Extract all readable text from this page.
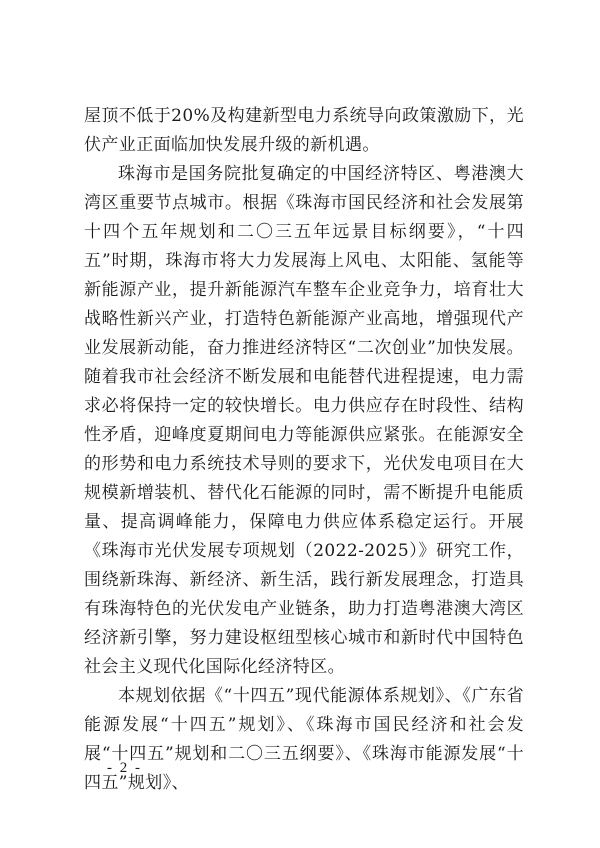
屋顶不低于20%及构建新型电力系统导向政策激励下，光伏产业正面临加快发展升级的新机遇。

珠海市是国务院批复确定的中国经济特区、粤港澳大湾区重要节点城市。根据《珠海市国民经济和社会发展第十四个五年规划和二〇三五年远景目标纲要》，“十四五”时期，珠海市将大力发展海上风电、太阳能、氢能等新能源产业，提升新能源汽车整车企业竞争力，培育壮大战略性新兴产业，打造特色新能源产业高地，增强现代产业发展新动能，奋力推进经济特区“二次创业”加快发展。随着我市社会经济不断发展和电能替代进程提速，电力需求必将保持一定的较快增长。电力供应存在时段性、结构性矛盾，迎峰度夏期间电力等能源供应紧张。在能源安全的形势和电力系统技术导则的要求下，光伏发电项目在大规模新增装机、替代化石能源的同时，需不断提升电能质量、提高调峰能力，保障电力供应体系稳定运行。开展《珠海市光伏发展专项规划（2022-2025）》研究工作，围绕新珠海、新经济、新生活，践行新发展理念，打造具有珠海特色的光伏发电产业链条，助力打造粤港澳大湾区经济新引擎，努力建设枢纽型核心城市和新时代中国特色社会主义现代化国际化经济特区。

本规划依据《“十四五”现代能源体系规划》、《广东省能源发展“十四五”规划》、《珠海市国民经济和社会发展“十四五”规划和二〇三五纲要》、《珠海市能源发展“十四五”规划》、

- 2 -
